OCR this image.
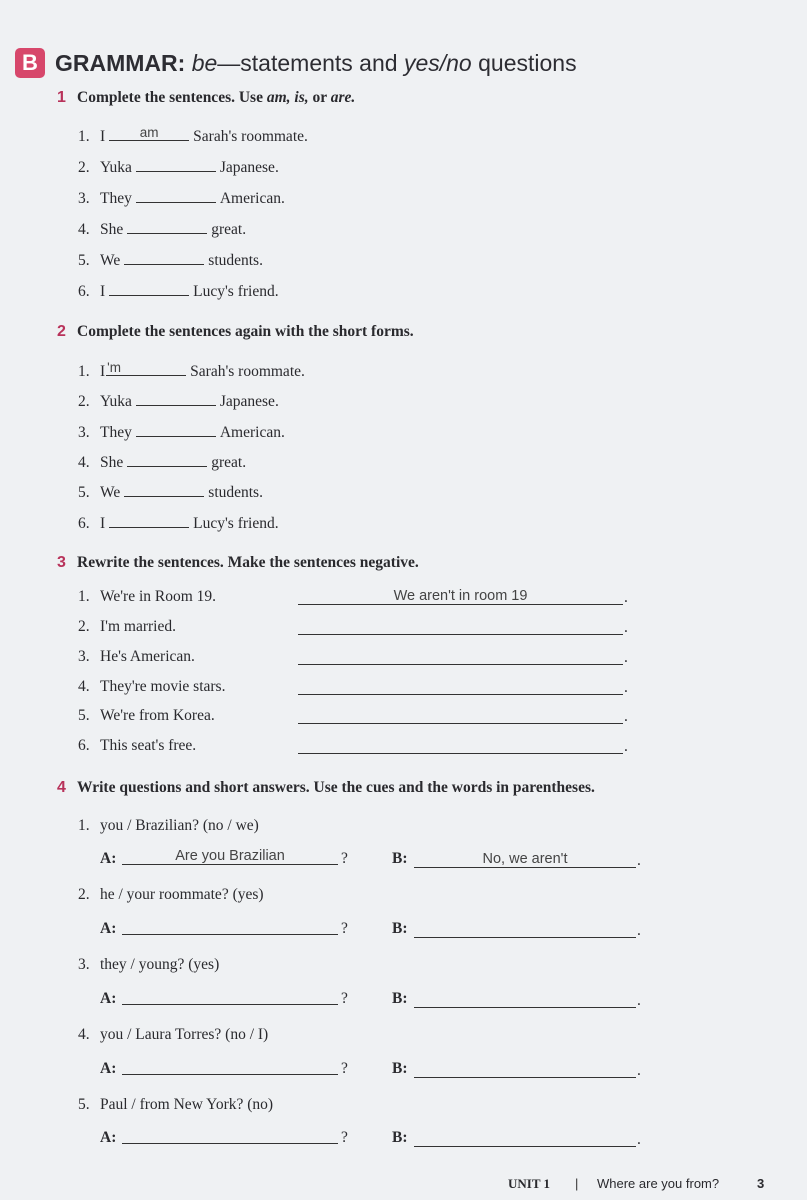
B GRAMMAR: be—statements and yes/no questions
1 Complete the sentences. Use am, is, or are.
1. I	am	Sarah's roommate.
2. Yuka	Japanese.
3. They	American.
4. She	great.
5. We	students.
6. I	Lucy's friend.
2 Complete the sentences again with the short forms.
1. I 'm	Sarah's roommate.
2. Yuka	Japanese.
3. They	American.
4. She	great.
5. We	students.
6. I	Lucy's friend.
3 Rewrite the sentences. Make the sentences negative.
1. We're in Room 19.	We aren't in room 19	.
2. I'm married.	.
3. He's American.	.
4. They're movie stars.	.
5. We're from Korea.	.
6. This seat's free.	.
4 Write questions and short answers. Use the cues and the words in parentheses.
1. you / Brazilian? (no / we)
A:	Are you Brazilian	?	B:	No, we aren't	.
2. he / your roommate? (yes)
A:	?	B:	.
3. they / young? (yes)
A:	?	B:	.
4. you / Laura Torres? (no / I)
A:	?	B:	.
5. Paul / from New York? (no)
A:	?	B:	.
UNIT 1 | Where are you from?	3
